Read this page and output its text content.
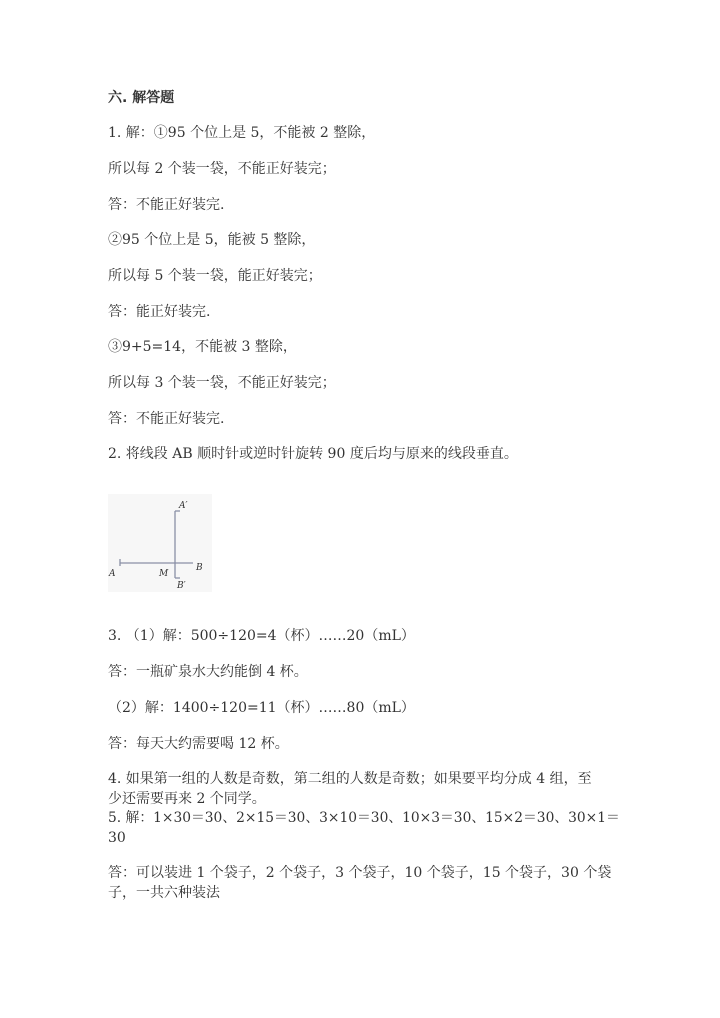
六. 解答题
1. 解：①95 个位上是 5，不能被 2 整除，
所以每 2 个装一袋，不能正好装完；
答：不能正好装完.
②95 个位上是 5，能被 5 整除，
所以每 5 个装一袋，能正好装完；
答：能正好装完.
③9+5=14，不能被 3 整除，
所以每 3 个装一袋，不能正好装完；
答：不能正好装完.
2. 将线段 AB 顺时针或逆时针旋转 90 度后均与原来的线段垂直。
A
B
M
A′
B′
3. （1）解：500÷120=4（杯）……20（mL）
答：一瓶矿泉水大约能倒 4 杯。
（2）解：1400÷120=11（杯）……80（mL）
答：每天大约需要喝 12 杯。
4. 如果第一组的人数是奇数，第二组的人数是奇数；如果要平均分成 4 组，至
少还需要再来 2 个同学。
5. 解：1×30＝30、2×15＝30、3×10＝30、10×3＝30、15×2＝30、30×1＝
30
答：可以装进 1 个袋子，2 个袋子，3 个袋子，10 个袋子，15 个袋子，30 个袋
子，一共六种装法
